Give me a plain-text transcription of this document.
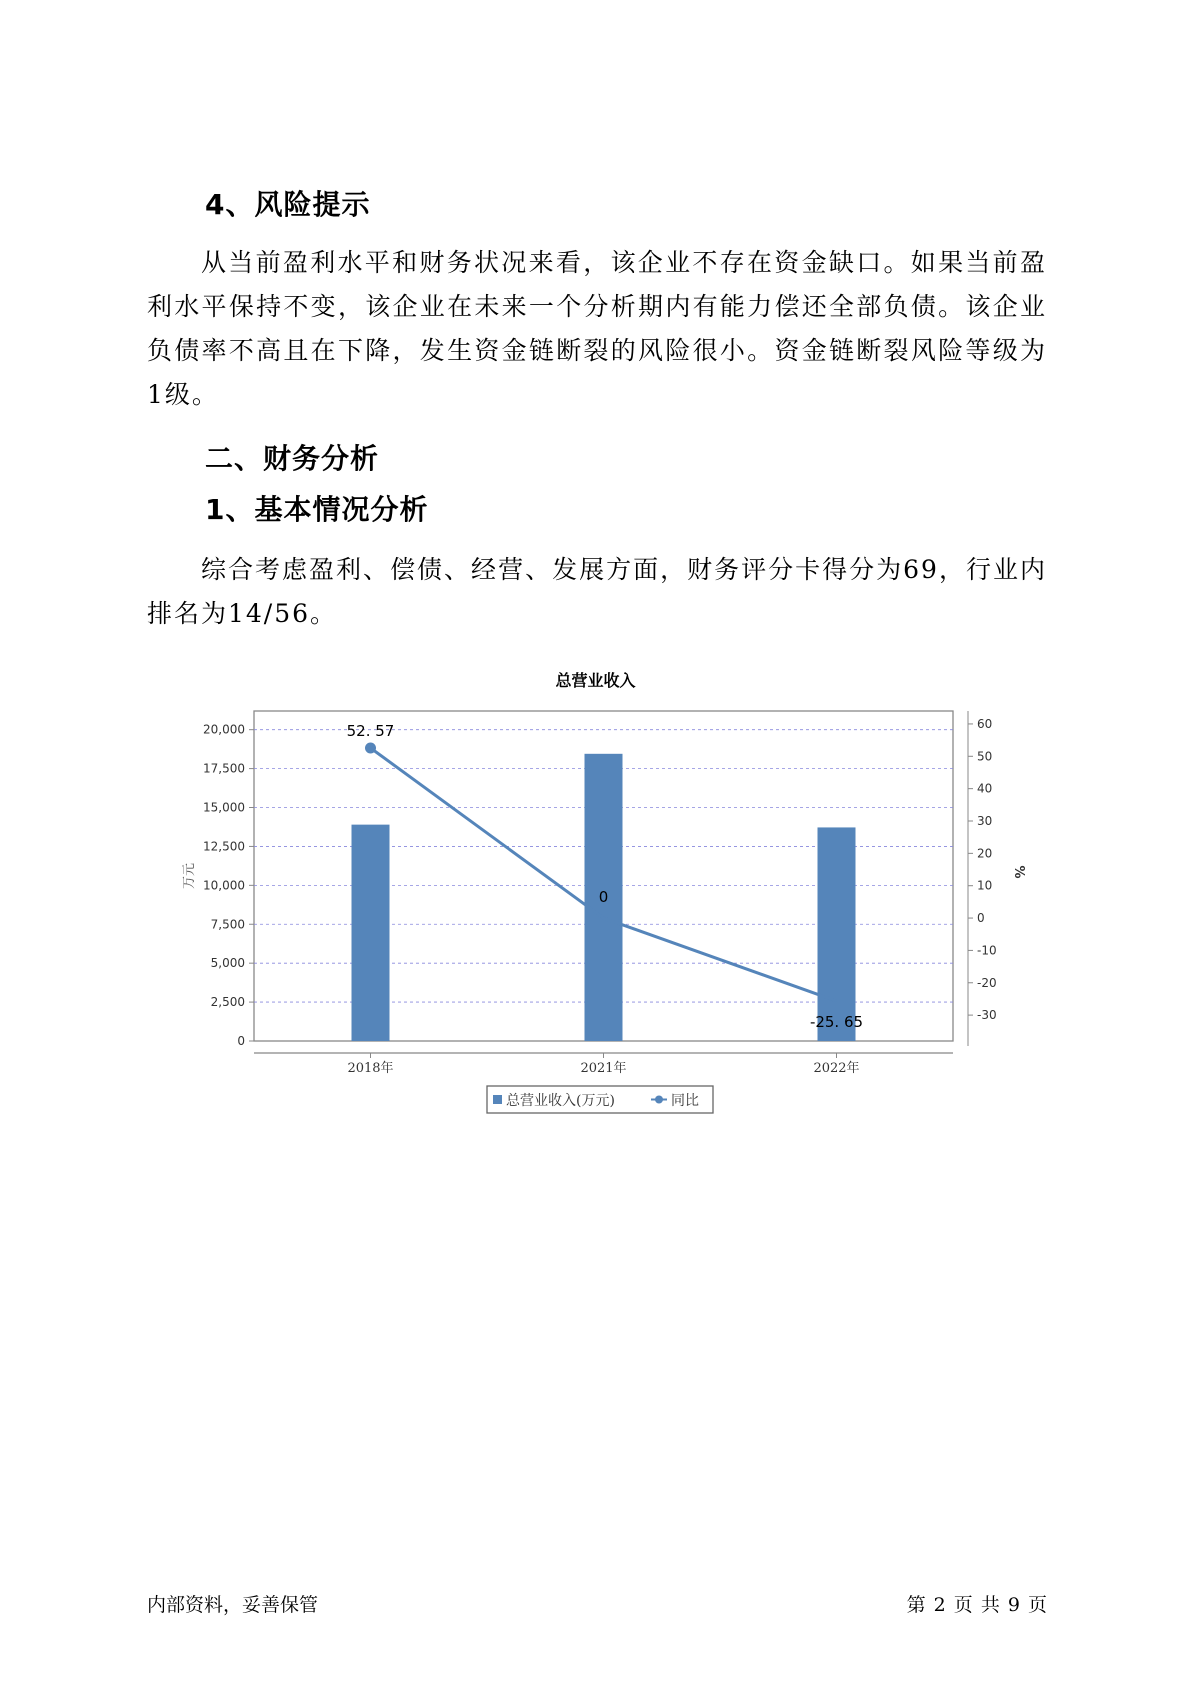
4、风险提示

从当前盈利水平和财务状况来看，该企业不存在资金缺口。如果当前盈利水平保持不变，该企业在未来一个分析期内有能力偿还全部负债。该企业负债率不高且在下降，发生资金链断裂的风险很小。资金链断裂风险等级为1级。

二、财务分析
1、基本情况分析

综合考虑盈利、偿债、经营、发展方面，财务评分卡得分为69，行业内排名为14/56。

总营业收入
0
2,500
5,000
7,500
10,000
12,500
15,000
17,500
20,000
-30
-20
-10
0
10
20
30
40
50
60
2018年	2021年	2022年
52. 57
0
-25. 65
万元	%
总营业收入(万元)	同比
内部资料，妥善保管	第 2 页 共 9 页
